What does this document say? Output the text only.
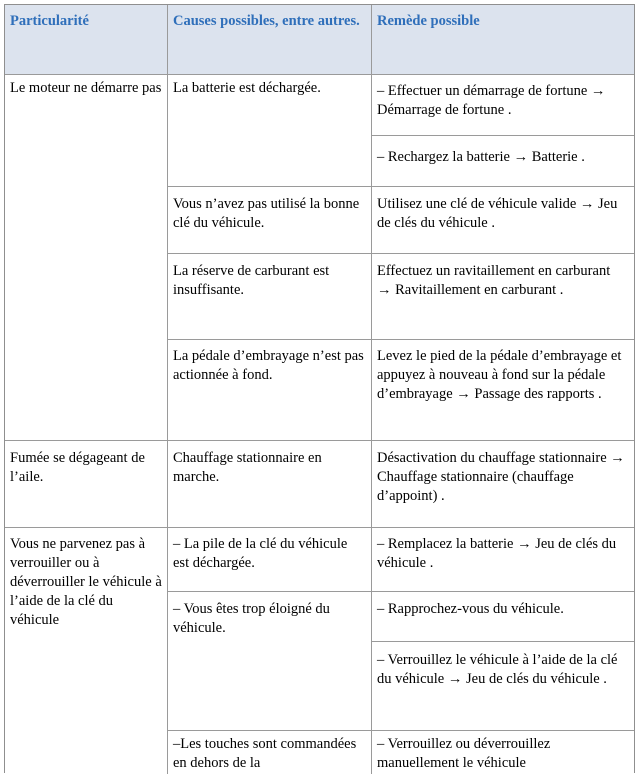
Particularité	Causes possibles, entre autres. Remède possible

Le moteur ne démarre pas La batterie est déchargée.

Vous n’avez pas utilisé la bonne clé du véhicule.

La réserve de carburant est insuffisante.

La pédale d’embrayage n’est pas actionnée à fond.

– Effectuer un démarrage de fortune → Démarrage de fortune .

– Rechargez la batterie → Batterie .

Utilisez une clé de véhicule valide → Jeu de clés du véhicule .

Effectuez un ravitaillement en carburant → Ravitaillement en carburant .

Levez le pied de la pédale d’embrayage et appuyez à nouveau à fond sur la pédale d’embrayage → Passage des rapports .

Fumée se dégageant de l’aile.

Chauffage stationnaire en marche.

Désactivation du chauffage stationnaire → Chauffage stationnaire (chauffage d’appoint) .

Vous ne parvenez pas à verrouiller ou à déverrouiller le véhicule à l’aide de la clé du véhicule

– La pile de la clé du véhicule est déchargée.

– Vous êtes trop éloigné du véhicule.

–Les touches sont commandées en dehors de la

– Remplacez la batterie → Jeu de clés du véhicule .

– Rapprochez-vous du véhicule.

– Verrouillez le véhicule à l’aide de la clé du véhicule → Jeu de clés du véhicule .

– Verrouillez ou déverrouillez manuellement le véhicule
